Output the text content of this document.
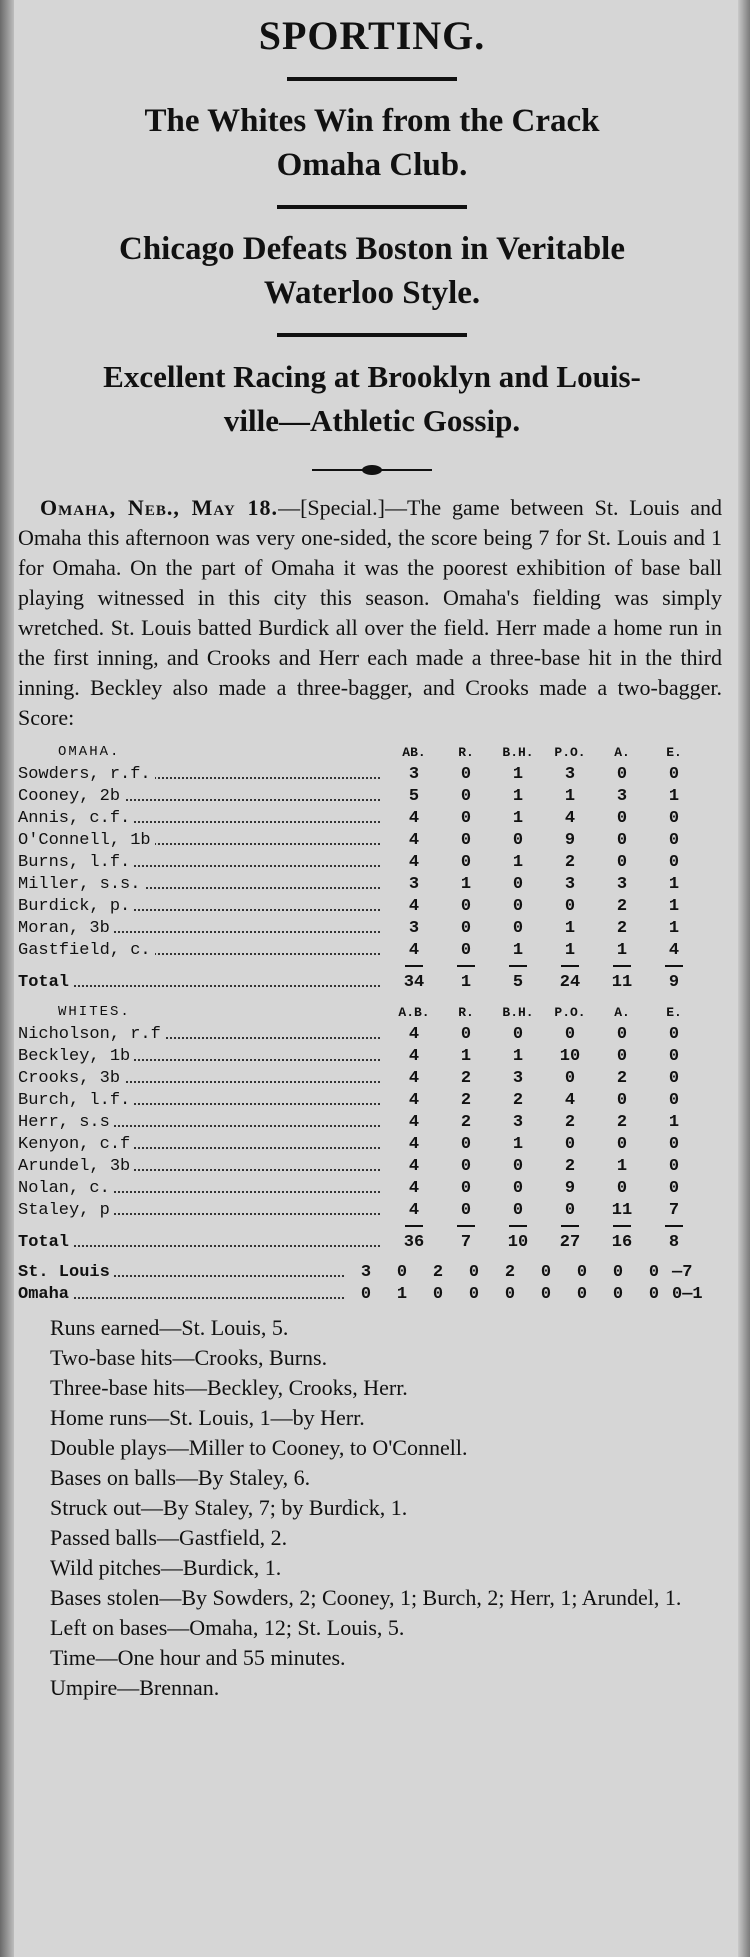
SPORTING.
The Whites Win from the Crack
Omaha Club.
Chicago Defeats Boston in Veritable
Waterloo Style.
Excellent Racing at Brooklyn and Louis-
ville—Athletic Gossip.

Omaha, Neb., May 18.—[Special.]—The game between St. Louis and Omaha this afternoon was very one-sided, the score being 7 for St. Louis and 1 for Omaha. On the part of Omaha it was the poorest exhibition of base ball playing witnessed in this city this season. Omaha's fielding was simply wretched. St. Louis batted Burdick all over the field. Herr made a home run in the first inning, and Crooks and Herr each made a three-base hit in the third inning. Beckley also made a three-bagger, and Crooks made a two-bagger. Score:

OMAHA.	AB.	R.	B.H.	P.O.	A.	E.
Sowders, r.f.	3	0	1	3	0	0
Cooney, 2b	5	0	1	1	3	1
Annis, c.f.	4	0	1	4	0	0
O'Connell, 1b	4	0	0	9	0	0
Burns, l.f.	4	0	1	2	0	0
Miller, s.s.	3	1	0	3	3	1
Burdick, p.	4	0	0	0	2	1
Moran, 3b	3	0	0	1	2	1
Gastfield, c.	4	0	1	1	1	4
Total	34	1	5	24	11	9
WHITES.	A.B.	R.	B.H.	P.O.	A.	E.
Nicholson, r.f	4	0	0	0	0	0
Beckley, 1b	4	1	1	10	0	0
Crooks, 3b	4	2	3	0	2	0
Burch, l.f.	4	2	2	4	0	0
Herr, s.s	4	2	3	2	2	1
Kenyon, c.f	4	0	1	0	0	0
Arundel, 3b	4	0	0	2	1	0
Nolan, c.	4	0	0	9	0	0
Staley, p	4	0	0	0	11	7
Total	36	7	10	27	16	8
St. Louis	3	0	2	0	2	0	0	0	0 —7
Omaha	0	1	0	0	0	0	0	0	0 0—1
Runs earned—St. Louis, 5.
Two-base hits—Crooks, Burns.
Three-base hits—Beckley, Crooks, Herr.
Home runs—St. Louis, 1—by Herr.
Double plays—Miller to Cooney, to O'Connell.
Bases on balls—By Staley, 6.
Struck out—By Staley, 7; by Burdick, 1.
Passed balls—Gastfield, 2.
Wild pitches—Burdick, 1.
Bases stolen—By Sowders, 2; Cooney, 1; Burch, 2; Herr, 1; Arundel, 1.
Left on bases—Omaha, 12; St. Louis, 5.
Time—One hour and 55 minutes.
Umpire—Brennan.
